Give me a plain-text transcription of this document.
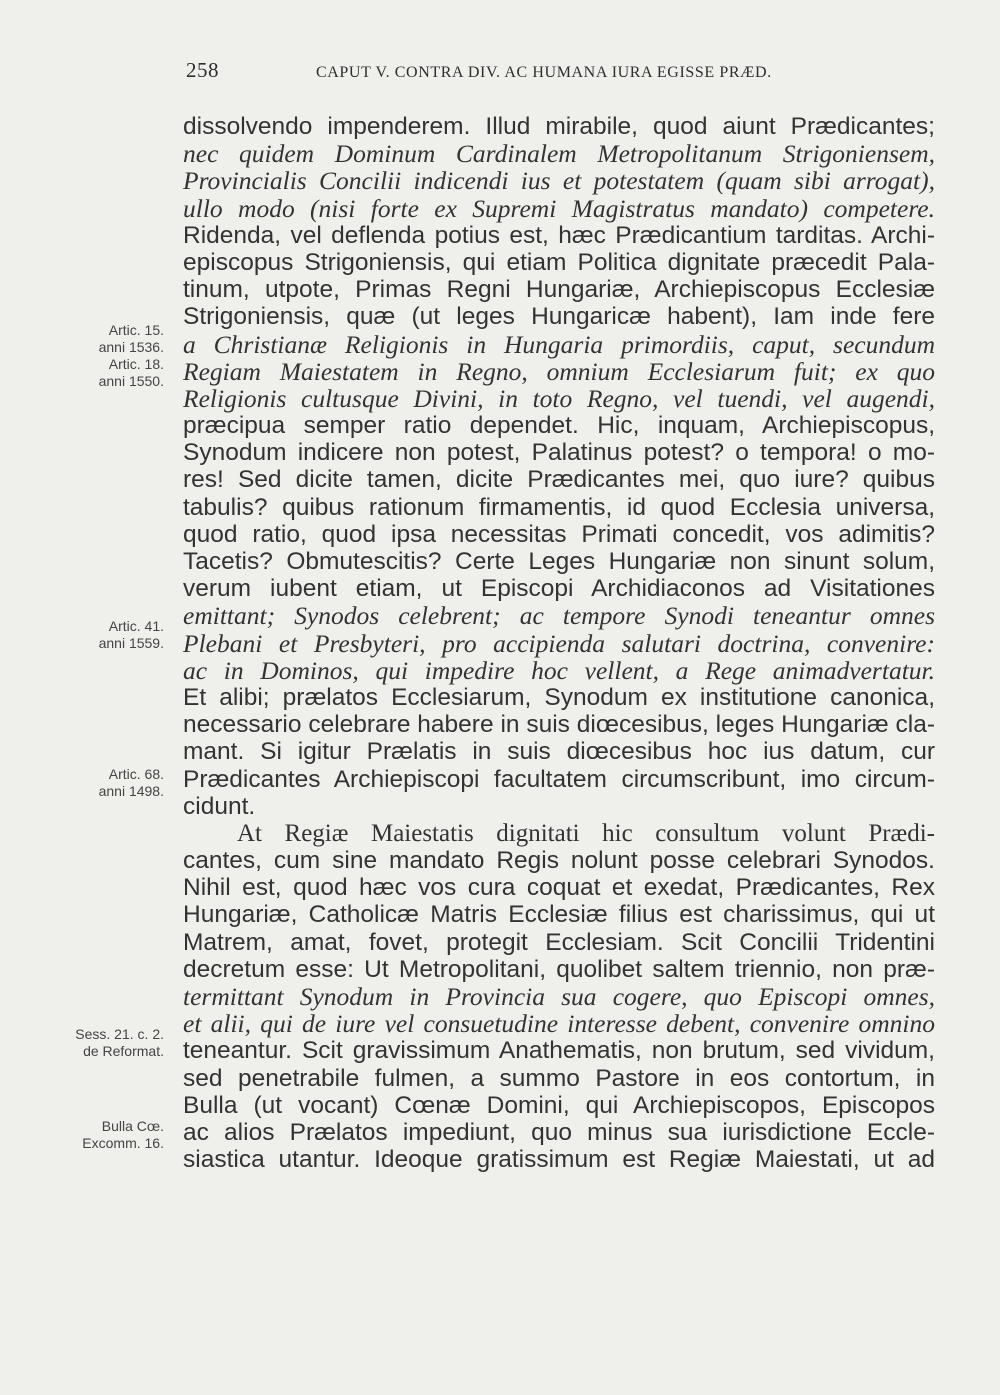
258	CAPUT V. CONTRA DIV. AC HUMANA IURA EGISSE PRÆD.
dissolvendo impenderem. Illud mirabile, quod aiunt Prædicantes;
nec quidem Dominum Cardinalem Metropolitanum Strigoniensem,
Provincialis Concilii indicendi ius et potestatem (quam sibi arrogat),
ullo modo (nisi forte ex Supremi Magistratus mandato) competere.
Ridenda, vel deflenda potius est, hæc Prædicantium tarditas. Archi-
episcopus Strigoniensis, qui etiam Politica dignitate præcedit Pala-
tinum, utpote, Primas Regni Hungariæ, Archiepiscopus Ecclesiæ
Strigoniensis, quæ (ut leges Hungaricæ habent), Iam inde fere
a Christianæ Religionis in Hungaria primordiis, caput, secundum
Regiam Maiestatem in Regno, omnium Ecclesiarum fuit; ex quo
Religionis cultusque Divini, in toto Regno, vel tuendi, vel augendi,
præcipua semper ratio dependet. Hic, inquam, Archiepiscopus,
Synodum indicere non potest, Palatinus potest? o tempora! o mo-
res! Sed dicite tamen, dicite Prædicantes mei, quo iure? quibus
tabulis? quibus rationum firmamentis, id quod Ecclesia universa,
quod ratio, quod ipsa necessitas Primati concedit, vos adimitis?
Tacetis? Obmutescitis? Certe Leges Hungariæ non sinunt solum,
verum iubent etiam, ut Episcopi Archidiaconos ad Visitationes
emittant; Synodos celebrent; ac tempore Synodi teneantur omnes
Plebani et Presbyteri, pro accipienda salutari doctrina, convenire:
ac in Dominos, qui impedire hoc vellent, a Rege animadvertatur.
Et alibi; prælatos Ecclesiarum, Synodum ex institutione canonica,
necessario celebrare habere in suis diœcesibus, leges Hungariæ cla-
mant. Si igitur Prælatis in suis diœcesibus hoc ius datum, cur
Prædicantes Archiepiscopi facultatem circumscribunt, imo circum-
cidunt.
At Regiæ Maiestatis dignitati hic consultum volunt Prædi-
cantes, cum sine mandato Regis nolunt posse celebrari Synodos.
Nihil est, quod hæc vos cura coquat et exedat, Prædicantes, Rex
Hungariæ, Catholicæ Matris Ecclesiæ filius est charissimus, qui ut
Matrem, amat, fovet, protegit Ecclesiam. Scit Concilii Tridentini
decretum esse: Ut Metropolitani, quolibet saltem triennio, non præ-
termittant Synodum in Provincia sua cogere, quo Episcopi omnes,
et alii, qui de iure vel consuetudine interesse debent, convenire omnino
teneantur. Scit gravissimum Anathematis, non brutum, sed vividum,
sed penetrabile fulmen, a summo Pastore in eos contortum, in
Bulla (ut vocant) Cœnæ Domini, qui Archiepiscopos, Episcopos
ac alios Prælatos impediunt, quo minus sua iurisdictione Eccle-
siastica utantur. Ideoque gratissimum est Regiæ Maiestati, ut ad
Artic. 15.
anni 1536.
Artic. 18.
anni 1550.
Artic. 41.
anni 1559.
Artic. 68.
anni 1498.
Sess. 21. c. 2.
de Reformat.
Bulla Cœ.
Excomm. 16.
